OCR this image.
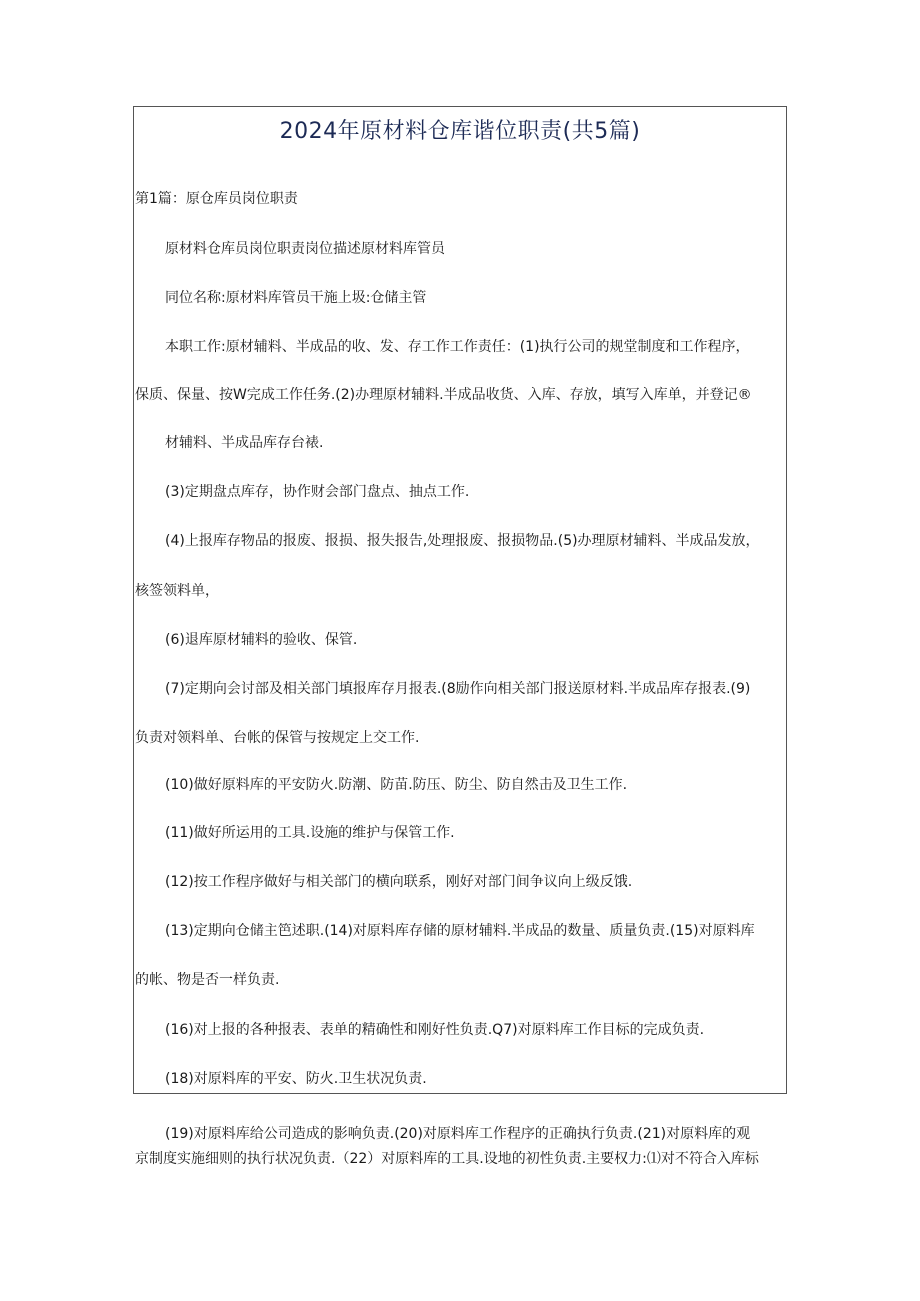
2024年原材料仓库谐位职责(共5篇)
第1篇：原仓库员岗位职责
原材料仓库员岗位职责岗位描述原材料库管员
同位名称:原材料库管员干施上圾:仓储主管
本职工作:原材辅料、半成品的收、发、存工作工作责任：(1)执行公司的规堂制度和工作程序，
保质、保量、按W完成工作任务.(2)办理原材辅料.半成品收货、入库、存放，填写入库单，并登记®
材辅料、半成品库存台裱.
(3)定期盘点库存，协作财会部门盘点、抽点工作.
(4)上报库存物品的报废、报损、报失报告,处理报废、报损物品.(5)办理原材辅料、半成品发放，
核签领料单，
(6)退库原材辅料的验收、保管.
(7)定期向会讨部及相关部门填报库存月报表.(8励作向相关部门报送原材料.半成品库存报表.(9)
负责对领料单、台帐的保管与按规定上交工作.
(10)做好原料库的平安防火.防潮、防苗.防压、防尘、防自然击及卫生工作.
(11)做好所运用的工具.设施的维护与保管工作.
(12)按工作程序做好与相关部门的横向联系，刚好对部门间争议向上级反饿.
(13)定期向仓储主笆述职.(14)对原料库存储的原材辅料.半成品的数量、质量负责.(15)对原料库
的帐、物是否一样负责.
(16)对上报的各种报表、表单的精确性和刚好性负责.Q7)对原料库工作目标的完成负责.
(18)对原料库的平安、防火.卫生状况负责.
(19)对原料库给公司造成的影响负责.(20)对原料库工作程序的正确执行负责.(21)对原料库的观
京制度实施细则的执行状况负责.（22）对原料库的工具.设地的初性负责.主要权力:⑴对不符合入库标
